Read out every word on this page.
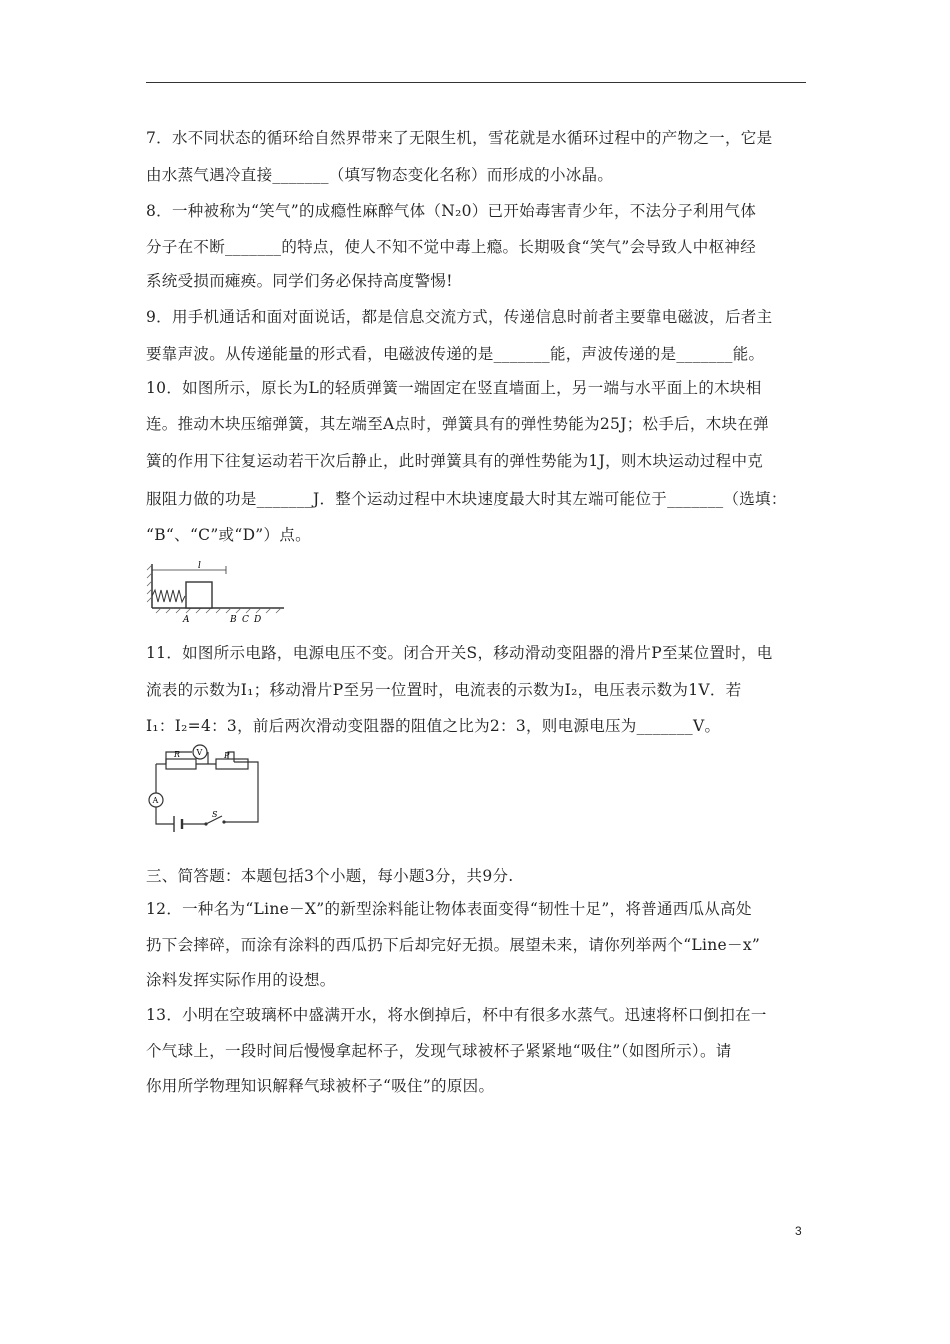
7．水不同状态的循环给自然界带来了无限生机，雪花就是水循环过程中的产物之一，它是
由水蒸气遇冷直接_______（填写物态变化名称）而形成的小冰晶。
8．一种被称为“笑气”的成瘾性麻醉气体（N₂0）已开始毒害青少年，不法分子利用气体
分子在不断_______的特点，使人不知不觉中毒上瘾。长期吸食“笑气”会导致人中枢神经
系统受损而瘫痪。同学们务必保持高度警惕!
9．用手机通话和面对面说话，都是信息交流方式，传递信息时前者主要靠电磁波，后者主
要靠声波。从传递能量的形式看，电磁波传递的是_______能，声波传递的是_______能。
10．如图所示，原长为L的轻质弹簧一端固定在竖直墙面上，另一端与水平面上的木块相
连。推动木块压缩弹簧，其左端至A点时，弹簧具有的弹性势能为25J；松手后，木块在弹
簧的作用下往复运动若干次后静止，此时弹簧具有的弹性势能为1J，则木块运动过程中克
服阻力做的功是_______J．整个运动过程中木块速度最大时其左端可能位于_______（选填：
“B“、“C”或“D”）点。
l
A	B C D
11．如图所示电路，电源电压不变。闭合开关S，移动滑动变阻器的滑片P至某位置时，电
流表的示数为I₁；移动滑片P至另一位置时，电流表的示数为I₂，电压表示数为1V．若
I₁：I₂=4：3，前后两次滑动变阻器的阻值之比为2：3，则电源电压为_______V。
V
A
R	P
S
三、简答题：本题包括3个小题，每小题3分，共9分.
12．一种名为“Line－X”的新型涂料能让物体表面变得“韧性十足”，将普通西瓜从高处
扔下会摔碎，而涂有涂料的西瓜扔下后却完好无损。展望未来，请你列举两个“Line－x”
涂料发挥实际作用的设想。
13．小明在空玻璃杯中盛满开水，将水倒掉后，杯中有很多水蒸气。迅速将杯口倒扣在一
个气球上，一段时间后慢慢拿起杯子，发现气球被杯子紧紧地“吸住”（如图所示）。请
你用所学物理知识解释气球被杯子“吸住”的原因。
3
